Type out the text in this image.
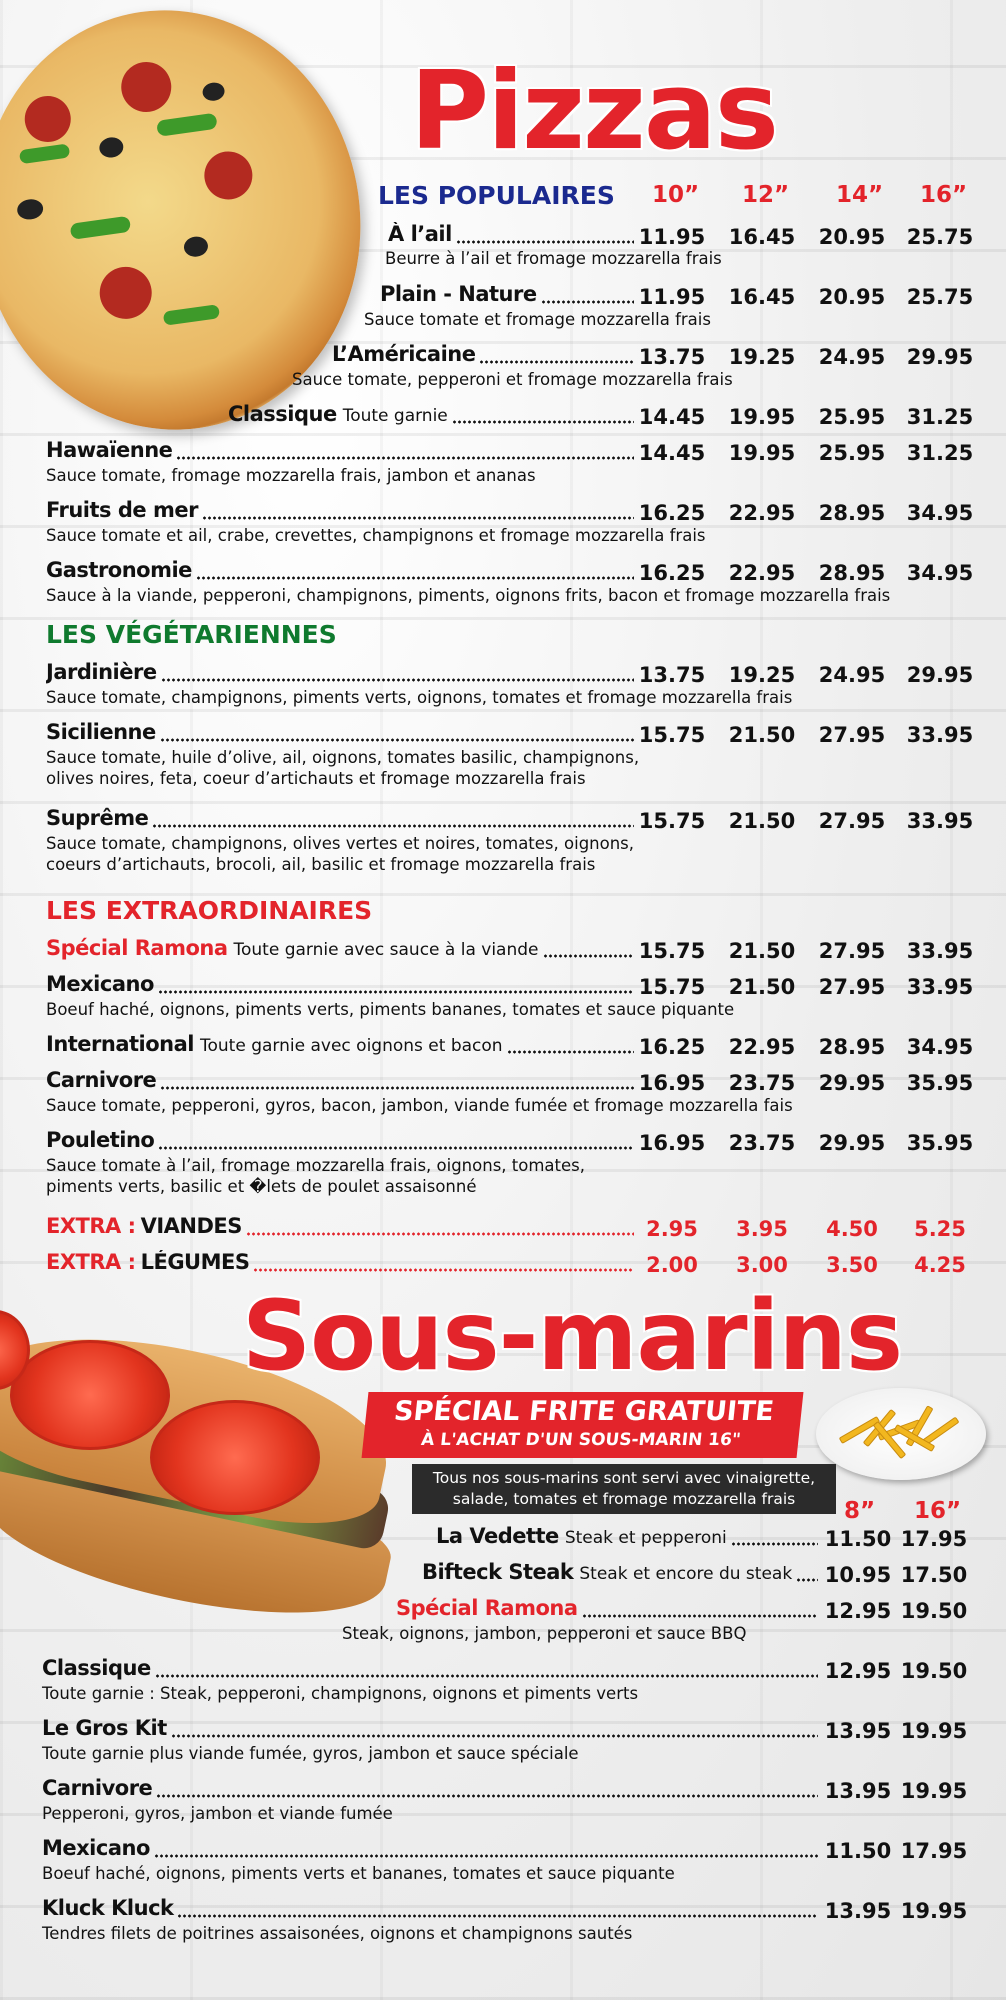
Pizzas
LES POPULAIRES 10” 12” 14” 16”
À l’ail	11.95	16.45	20.95	25.75
Beurre à l’ail et fromage mozzarella frais
Plain - Nature	11.95	16.45	20.95	25.75
Sauce tomate et fromage mozzarella frais
L’Américaine	13.75	19.25	24.95	29.95
Sauce tomate, pepperoni et fromage mozzarella frais
Classique Toute garnie	14.45	19.95	25.95	31.25
Hawaïenne	14.45	19.95	25.95	31.25
Sauce tomate, fromage mozzarella frais, jambon et ananas
Fruits de mer	16.25	22.95	28.95	34.95
Sauce tomate et ail, crabe, crevettes, champignons et fromage mozzarella frais
Gastronomie	16.25	22.95	28.95	34.95
Sauce à la viande, pepperoni, champignons, piments, oignons frits, bacon et fromage mozzarella frais
Jardinière	13.75	19.25	24.95	29.95
Sauce tomate, champignons, piments verts, oignons, tomates et fromage mozzarella frais
Sicilienne	15.75	21.50	27.95	33.95
Sauce tomate, huile d’olive, ail, oignons, tomates basilic, champignons,
olives noires, feta, coeur d’artichauts et fromage mozzarella frais
Suprême	15.75	21.50	27.95	33.95
Sauce tomate, champignons, olives vertes et noires, tomates, oignons,
coeurs d’artichauts, brocoli, ail, basilic et fromage mozzarella frais
Spécial Ramona Toute garnie avec sauce à la viande	15.75	21.50	27.95	33.95
Mexicano	15.75	21.50	27.95	33.95
Boeuf haché, oignons, piments verts, piments bananes, tomates et sauce piquante
International Toute garnie avec oignons et bacon	16.25	22.95	28.95	34.95
Carnivore	16.95	23.75	29.95	35.95
Sauce tomate, pepperoni, gyros, bacon, jambon, viande fumée et fromage mozzarella fais
Pouletino	16.95	23.75	29.95	35.95
Sauce tomate à l’ail, fromage mozzarella frais, oignons, tomates,
piments verts, basilic et �lets de poulet assaisonné
EXTRA :
VIANDES	2.95	3.95	4.50	5.25
EXTRA :
LÉGUMES	2.00	3.00	3.50	4.25
LES VÉGÉTARIENNES
LES EXTRAORDINAIRES
Sous-marins
SPÉCIAL FRITE GRATUITE
À L'ACHAT D'UN SOUS-MARIN 16"
Tous nos sous-marins sont servi avec vinaigrette,
salade, tomates et fromage mozzarella frais	8” 16”
La Vedette Steak et pepperoni	11.50 17.95
Bifteck Steak Steak et encore du steak	10.95 17.50
Spécial Ramona	12.95 19.50
Steak, oignons, jambon, pepperoni et sauce BBQ
Classique	12.95 19.50
Toute garnie : Steak, pepperoni, champignons, oignons et piments verts
Le Gros Kit	13.95 19.95
Toute garnie plus viande fumée, gyros, jambon et sauce spéciale
Carnivore	13.95 19.95
Pepperoni, gyros, jambon et viande fumée
Mexicano	11.50 17.95
Boeuf haché, oignons, piments verts et bananes, tomates et sauce piquante
Kluck Kluck	13.95 19.95
Tendres filets de poitrines assaisonées, oignons et champignons sautés
